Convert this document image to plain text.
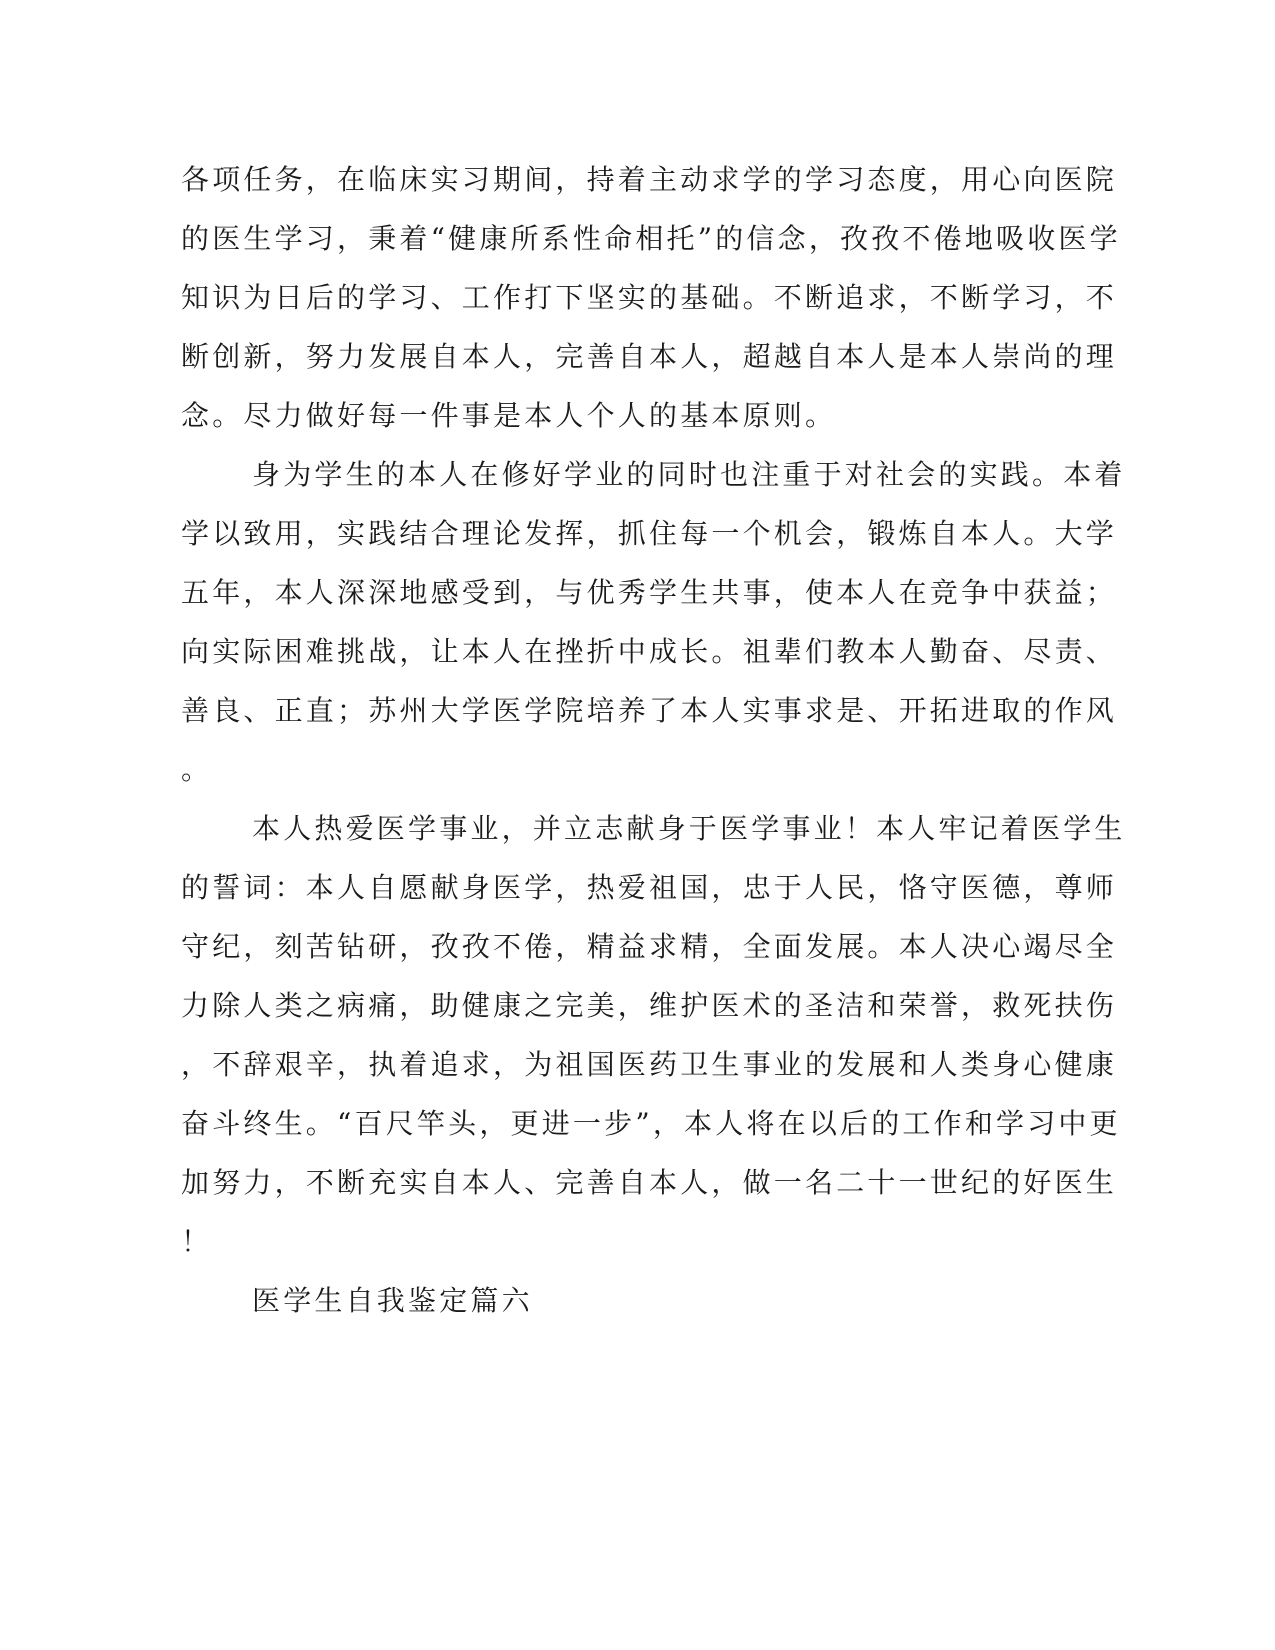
各项任务，在临床实习期间，持着主动求学的学习态度，用心向医院
的医生学习，秉着“健康所系性命相托”的信念，孜孜不倦地吸收医学
知识为日后的学习、工作打下坚实的基础。不断追求，不断学习，不
断创新，努力发展自本人，完善自本人，超越自本人是本人崇尚的理
念。尽力做好每一件事是本人个人的基本原则。
身为学生的本人在修好学业的同时也注重于对社会的实践。本着
学以致用，实践结合理论发挥，抓住每一个机会，锻炼自本人。大学
五年，本人深深地感受到，与优秀学生共事，使本人在竞争中获益；
向实际困难挑战，让本人在挫折中成长。祖辈们教本人勤奋、尽责、
善良、正直；苏州大学医学院培养了本人实事求是、开拓进取的作风
。
本人热爱医学事业，并立志献身于医学事业！本人牢记着医学生
的誓词：本人自愿献身医学，热爱祖国，忠于人民，恪守医德，尊师
守纪，刻苦钻研，孜孜不倦，精益求精，全面发展。本人决心竭尽全
力除人类之病痛，助健康之完美，维护医术的圣洁和荣誉，救死扶伤
，不辞艰辛，执着追求，为祖国医药卫生事业的发展和人类身心健康
奋斗终生。“百尺竿头，更进一步”，本人将在以后的工作和学习中更
加努力，不断充实自本人、完善自本人，做一名二十一世纪的好医生
！
医学生自我鉴定篇六
